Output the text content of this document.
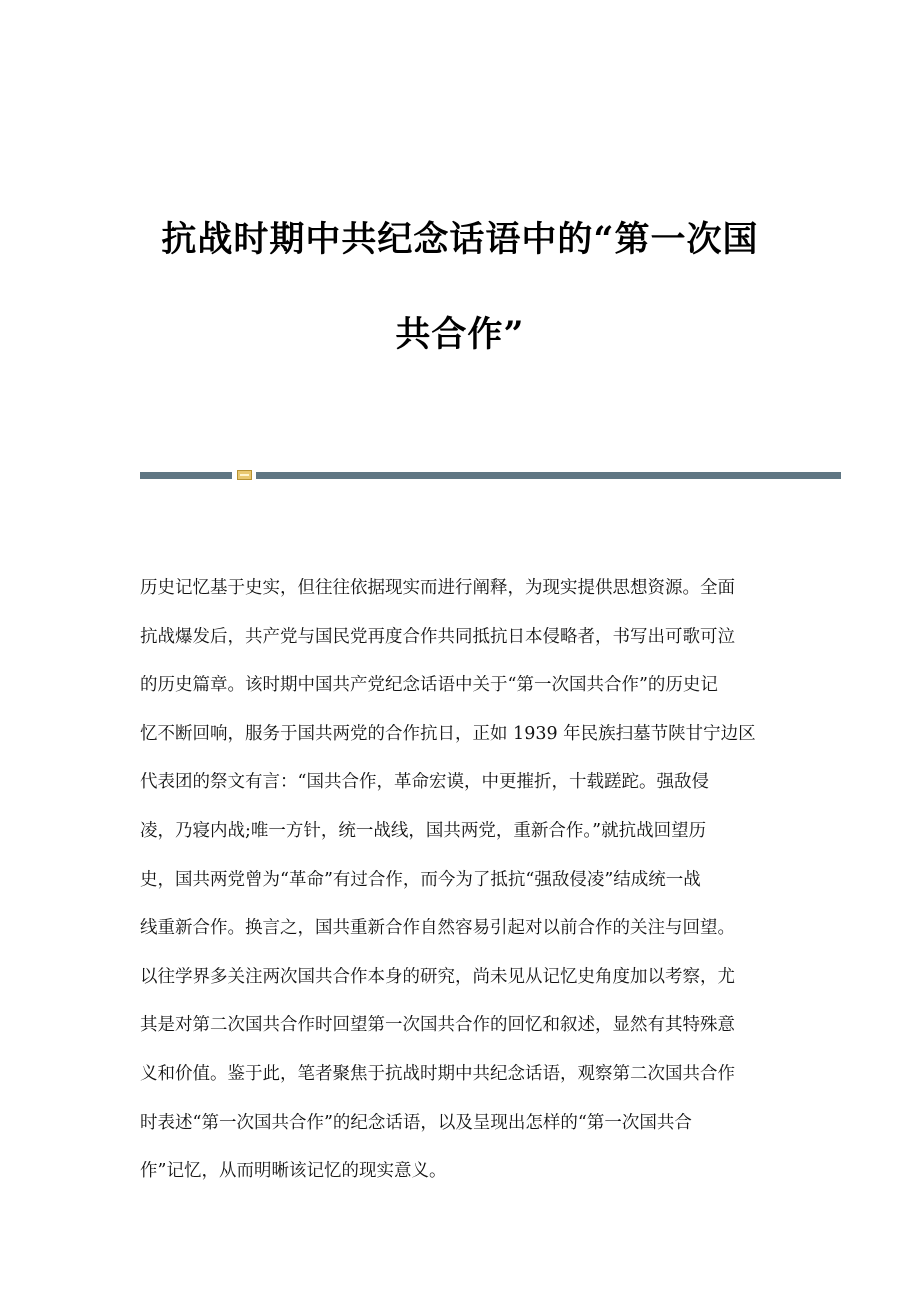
抗战时期中共纪念话语中的“第一次国
共合作”
历史记忆基于史实，但往往依据现实而进行阐释，为现实提供思想资源。全面
抗战爆发后，共产党与国民党再度合作共同抵抗日本侵略者，书写出可歌可泣
的历史篇章。该时期中国共产党纪念话语中关于“第一次国共合作”的历史记
忆不断回响，服务于国共两党的合作抗日，正如 1939 年民族扫墓节陕甘宁边区
代表团的祭文有言：“国共合作，革命宏谟，中更摧折，十载蹉跎。强敌侵
凌，乃寝内战;唯一方针，统一战线，国共两党，重新合作。”就抗战回望历
史，国共两党曾为“革命”有过合作，而今为了抵抗“强敌侵凌”结成统一战
线重新合作。换言之，国共重新合作自然容易引起对以前合作的关注与回望。
以往学界多关注两次国共合作本身的研究，尚未见从记忆史角度加以考察，尤
其是对第二次国共合作时回望第一次国共合作的回忆和叙述，显然有其特殊意
义和价值。鉴于此，笔者聚焦于抗战时期中共纪念话语，观察第二次国共合作
时表述“第一次国共合作”的纪念话语，以及呈现出怎样的“第一次国共合
作”记忆，从而明晰该记忆的现实意义。
